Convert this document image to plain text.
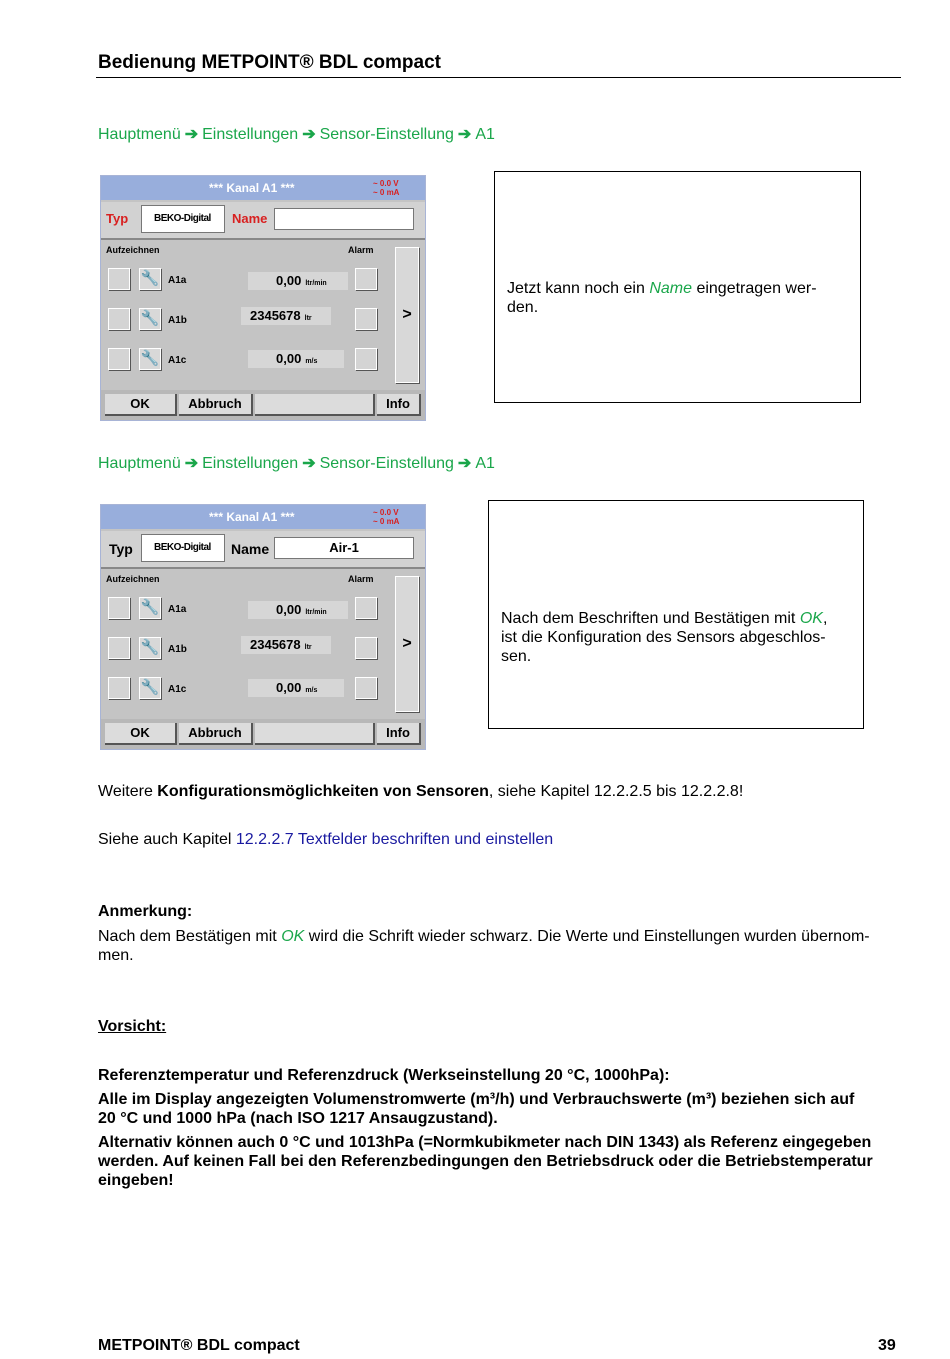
Bedienung METPOINT® BDL compact
Hauptmenü ➔ Einstellungen ➔ Sensor-Einstellung ➔ A1
*** Kanal A1 ***	~ 0.0 V
~ 0 mA
Typ	BEKO-Digital	Name
Aufzeichnen	Alarm
🔧 A1a	0,00 ltr/min
🔧 A1b	2345678 ltr
🔧 A1c	0,00 m/s
>
OK	Abbruch	Info

Jetzt kann noch ein Name eingetragen wer-
den.

Hauptmenü ➔ Einstellungen ➔ Sensor-Einstellung ➔ A1
*** Kanal A1 ***	~ 0.0 V
~ 0 mA
Typ	BEKO-Digital	Name	Air-1
Aufzeichnen	Alarm
🔧 A1a	0,00 ltr/min
🔧 A1b	2345678 ltr
🔧 A1c	0,00 m/s
>
OK	Abbruch	Info

Nach dem Beschriften und Bestätigen mit OK,
ist die Konfiguration des Sensors abgeschlos-
sen.

Weitere Konfigurationsmöglichkeiten von Sensoren, siehe Kapitel 12.2.2.5 bis 12.2.2.8!
Siehe auch Kapitel 12.2.2.7 Textfelder beschriften und einstellen
Anmerkung:
Nach dem Bestätigen mit OK wird die Schrift wieder schwarz. Die Werte und Einstellungen wurden übernom-
men.
Vorsicht:
Referenztemperatur und Referenzdruck (Werkseinstellung 20 °C, 1000hPa):
Alle im Display angezeigten Volumenstromwerte (m³/h) und Verbrauchswerte (m³) beziehen sich auf
20 °C und 1000 hPa (nach ISO 1217 Ansaugzustand).
Alternativ können auch 0 °C und 1013hPa (=Normkubikmeter nach DIN 1343) als Referenz eingegeben
werden. Auf keinen Fall bei den Referenzbedingungen den Betriebsdruck oder die Betriebstemperatur
eingeben!
METPOINT® BDL compact	39
